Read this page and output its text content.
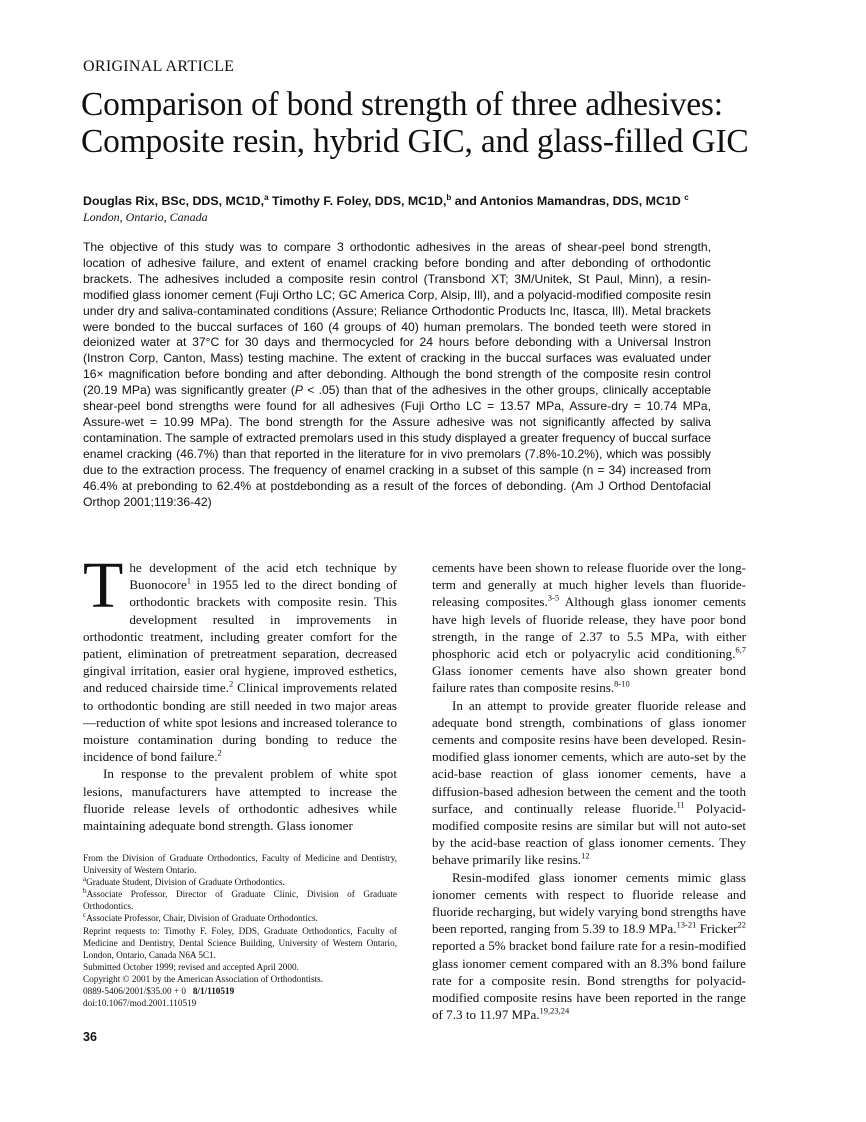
ORIGINAL ARTICLE
Comparison of bond strength of three adhesives:
Composite resin, hybrid GIC, and glass-filled GIC
Douglas Rix, BSc, DDS, MC1D,$^a$ Timothy F. Foley, DDS, MC1D,$^b$ and Antonios Mamandras, DDS, MC1D $^c$
London, Ontario, Canada

The objective of this study was to compare 3 orthodontic adhesives in the areas of shear-peel bond strength, location of adhesive failure, and extent of enamel cracking before bonding and after debonding of orthodontic brackets. The adhesives included a composite resin control (Transbond XT; 3M/Unitek, St Paul, Minn), a resin-modified glass ionomer cement (Fuji Ortho LC; GC America Corp, Alsip, Ill), and a polyacid-modified composite resin under dry and saliva-contaminated conditions (Assure; Reliance Orthodontic Products Inc, Itasca, Ill). Metal brackets were bonded to the buccal surfaces of 160 (4 groups of 40) human premolars. The bonded teeth were stored in deionized water at 37°C for 30 days and thermocycled for 24 hours before debonding with a Universal Instron (Instron Corp, Canton, Mass) testing machine. The extent of cracking in the buccal surfaces was evaluated under 16× magnification before bonding and after debonding. Although the bond strength of the composite resin control (20.19 MPa) was significantly greater (P < .05) than that of the adhesives in the other groups, clinically acceptable shear-peel bond strengths were found for all adhesives (Fuji Ortho LC = 13.57 MPa, Assure-dry = 10.74 MPa, Assure-wet = 10.99 MPa). The bond strength for the Assure adhesive was not significantly affected by saliva contamination. The sample of extracted premolars used in this study displayed a greater frequency of buccal surface enamel cracking (46.7%) than that reported in the literature for in vivo premolars (7.8%-10.2%), which was possibly due to the extraction process. The frequency of enamel cracking in a subset of this sample (n = 34) increased from 46.4% at prebonding to 62.4% at postdebonding as a result of the forces of debonding. (Am J Orthod Dentofacial Orthop 2001;119:36-42)

The development of the acid etch technique by Buonocore$^1$ in 1955 led to the direct bonding of orthodontic brackets with composite resin. This development resulted in improvements in orthodontic treatment, including greater comfort for the patient, elimination of pretreatment separation, decreased gingival irritation, easier oral hygiene, improved esthetics, and reduced chairside time.$^2$ Clinical improvements related to orthodontic bonding are still needed in two major areas—reduction of white spot lesions and increased tolerance to moisture contamination during bonding to reduce the incidence of bond failure.$^2$

In response to the prevalent problem of white spot lesions, manufacturers have attempted to increase the fluoride release levels of orthodontic adhesives while maintaining adequate bond strength. Glass ionomer

cements have been shown to release fluoride over the long-term and generally at much higher levels than fluoride-releasing composites.$^{3-5}$ Although glass ionomer cements have high levels of fluoride release, they have poor bond strength, in the range of 2.37 to 5.5 MPa, with either phosphoric acid etch or polyacrylic acid conditioning.$^{6,7}$ Glass ionomer cements have also shown greater bond failure rates than composite resins.$^{8-10}$

In an attempt to provide greater fluoride release and adequate bond strength, combinations of glass ionomer cements and composite resins have been developed. Resin-modified glass ionomer cements, which are auto-set by the acid-base reaction of glass ionomer cements, have a diffusion-based adhesion between the cement and the tooth surface, and continually release fluoride.$^{11}$ Polyacid-modified composite resins are similar but will not auto-set by the acid-base reaction of glass ionomer cements. They behave primarily like resins.$^{12}$

Resin-modifed glass ionomer cements mimic glass ionomer cements with respect to fluoride release and fluoride recharging, but widely varying bond strengths have been reported, ranging from 5.39 to 18.9 MPa.$^{13-21}$ Fricker$^{22}$ reported a 5% bracket bond failure rate for a resin-modified glass ionomer cement compared with an 8.3% bond failure rate for a composite resin. Bond strengths for polyacid-modified composite resins have been reported in the range of 7.3 to 11.97 MPa.$^{19,23,24}$

From the Division of Graduate Orthodontics, Faculty of Medicine and Dentistry, University of Western Ontario.

$^a$Graduate Student, Division of Graduate Orthodontics.

$^b$Associate Professor, Director of Graduate Clinic, Division of Graduate Orthodontics.

$^c$Associate Professor, Chair, Division of Graduate Orthodontics.

Reprint requests to: Timothy F. Foley, DDS, Graduate Orthodontics, Faculty of Medicine and Dentistry, Dental Science Building, University of Western Ontario, London, Ontario, Canada N6A 5C1.

Submitted October 1999; revised and accepted April 2000.

Copyright © 2001 by the American Association of Orthodontists.

0889-5406/2001/$35.00 + 0 8/1/110519

doi:10.1067/mod.2001.110519

36
